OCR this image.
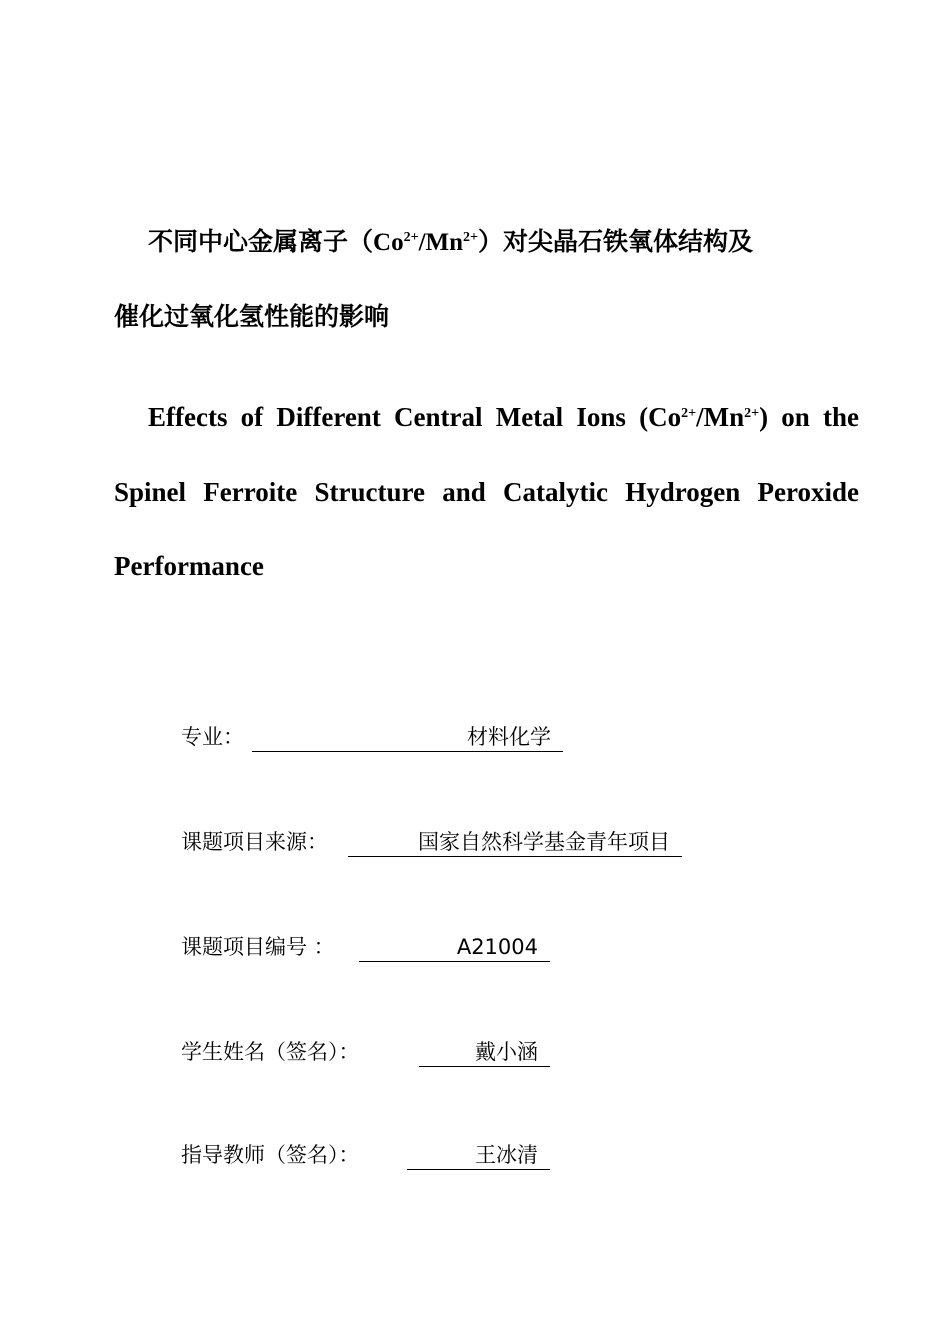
不同中心金属离子$(Co^{2+}/Mn^{2+})$对尖晶石铁氧体结构及
催化过氧化氢性能的影响
Effects of Different Central Metal Ions $(Co^{2+}/Mn^{2+})$ on the
Spinel Ferroite Structure and Catalytic Hydrogen Peroxide
Performance
专业：	材料化学
课题项目来源：	国家自然科学基金青年项目
课题项目编号 ：	A21004
学生姓名（签名）：	戴小涵
指导教师（签名）：	王冰清
